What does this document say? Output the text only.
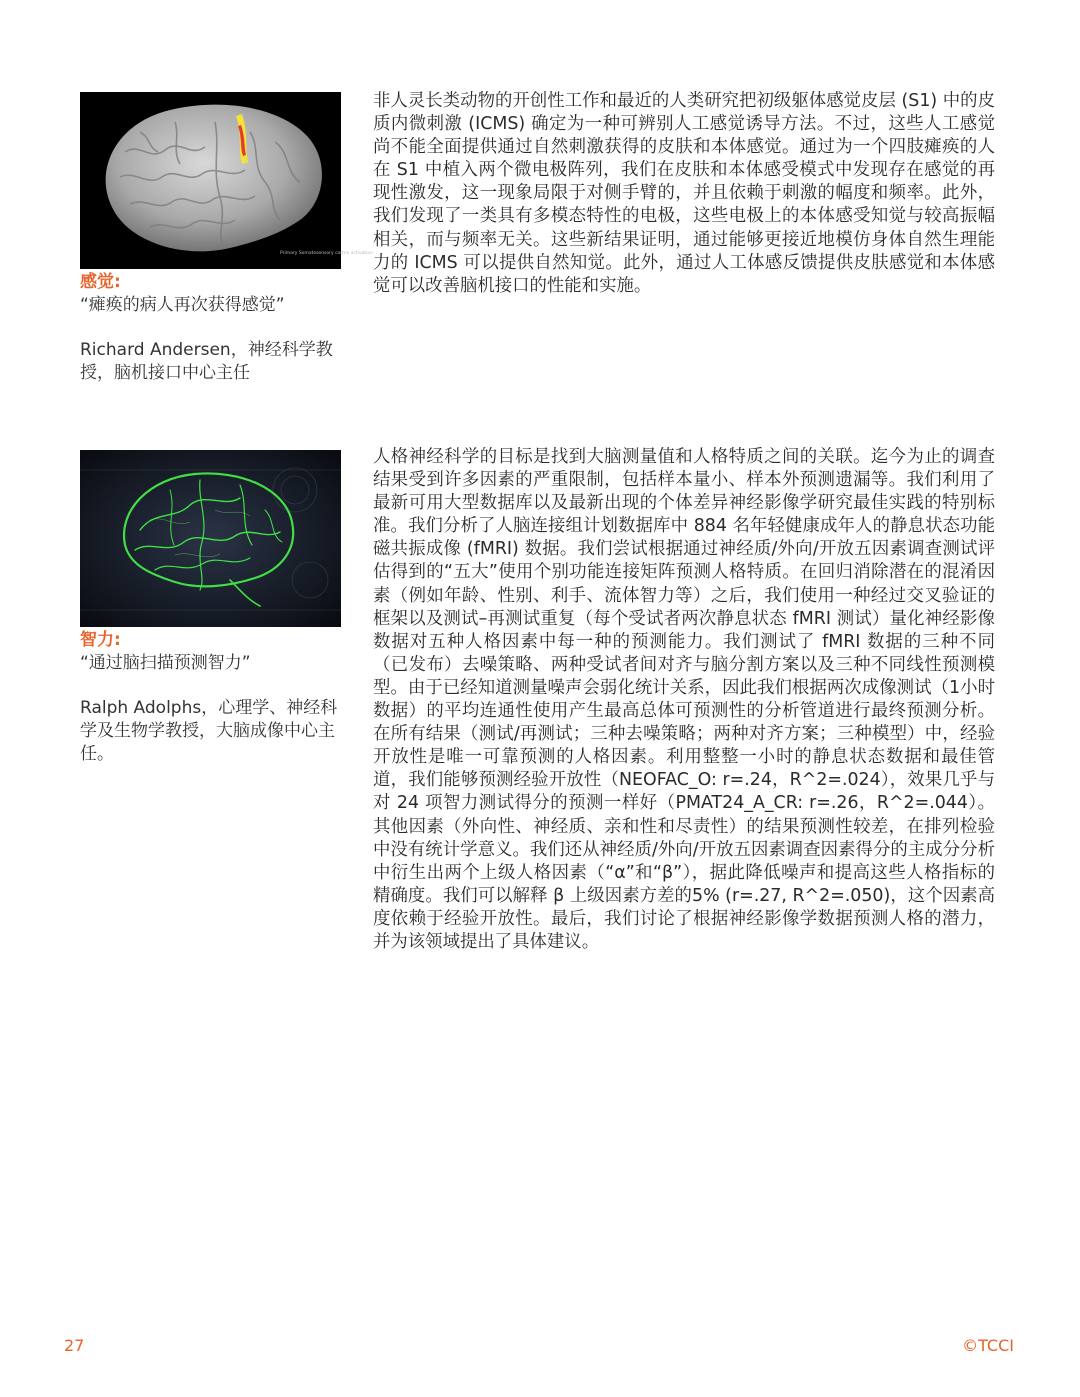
Primary Somatosensory cortex activation
感觉:
“瘫痪的病人再次获得感觉”
Richard Andersen，神经科学教授，脑机接口中心主任
非人灵长类动物的开创性工作和最近的人类研究把初级躯体感觉皮层 (S1) 中的皮质内微刺激 (ICMS) 确定为一种可辨别人工感觉诱导方法。不过，这些人工感觉尚不能全面提供通过自然刺激获得的皮肤和本体感觉。通过为一个四肢瘫痪的人在 S1 中植入两个微电极阵列，我们在皮肤和本体感受模式中发现存在感觉的再现性激发，这一现象局限于对侧手臂的，并且依赖于刺激的幅度和频率。此外，我们发现了一类具有多模态特性的电极，这些电极上的本体感受知觉与较高振幅相关，而与频率无关。这些新结果证明，通过能够更接近地模仿身体自然生理能力的 ICMS 可以提供自然知觉。此外，通过人工体感反馈提供皮肤感觉和本体感觉可以改善脑机接口的性能和实施。
智力:
“通过脑扫描预测智力”
Ralph Adolphs，心理学、神经科学及生物学教授，大脑成像中心主任。
人格神经科学的目标是找到大脑测量值和人格特质之间的关联。迄今为止的调查结果受到许多因素的严重限制，包括样本量小、样本外预测遗漏等。我们利用了最新可用大型数据库以及最新出现的个体差异神经影像学研究最佳实践的特别标准。我们分析了人脑连接组计划数据库中 884 名年轻健康成年人的静息状态功能磁共振成像 (fMRI) 数据。我们尝试根据通过神经质/外向/开放五因素调查测试评估得到的“五大”使用个别功能连接矩阵预测人格特质。在回归消除潜在的混淆因素（例如年龄、性别、利手、流体智力等）之后，我们使用一种经过交叉验证的框架以及测试–再测试重复（每个受试者两次静息状态 fMRI 测试）量化神经影像数据对五种人格因素中每一种的预测能力。我们测试了 fMRI 数据的三种不同（已发布）去噪策略、两种受试者间对齐与脑分割方案以及三种不同线性预测模型。由于已经知道测量噪声会弱化统计关系，因此我们根据两次成像测试（1小时数据）的平均连通性使用产生最高总体可预测性的分析管道进行最终预测分析。在所有结果（测试/再测试；三种去噪策略；两种对齐方案；三种模型）中，经验开放性是唯一可靠预测的人格因素。利用整整一小时的静息状态数据和最佳管道，我们能够预测经验开放性（NEOFAC_O: r=.24，R^2=.024），效果几乎与对 24 项智力测试得分的预测一样好（PMAT24_A_CR: r=.26，R^2=.044）。其他因素（外向性、神经质、亲和性和尽责性）的结果预测性较差，在排列检验中没有统计学意义。我们还从神经质/外向/开放五因素调查因素得分的主成分分析中衍生出两个上级人格因素（“α”和“β”），据此降低噪声和提高这些人格指标的精确度。我们可以解释 β 上级因素方差的5% (r=.27, R^2=.050)，这个因素高度依赖于经验开放性。最后，我们讨论了根据神经影像学数据预测人格的潜力，并为该领域提出了具体建议。
27	©TCCI
